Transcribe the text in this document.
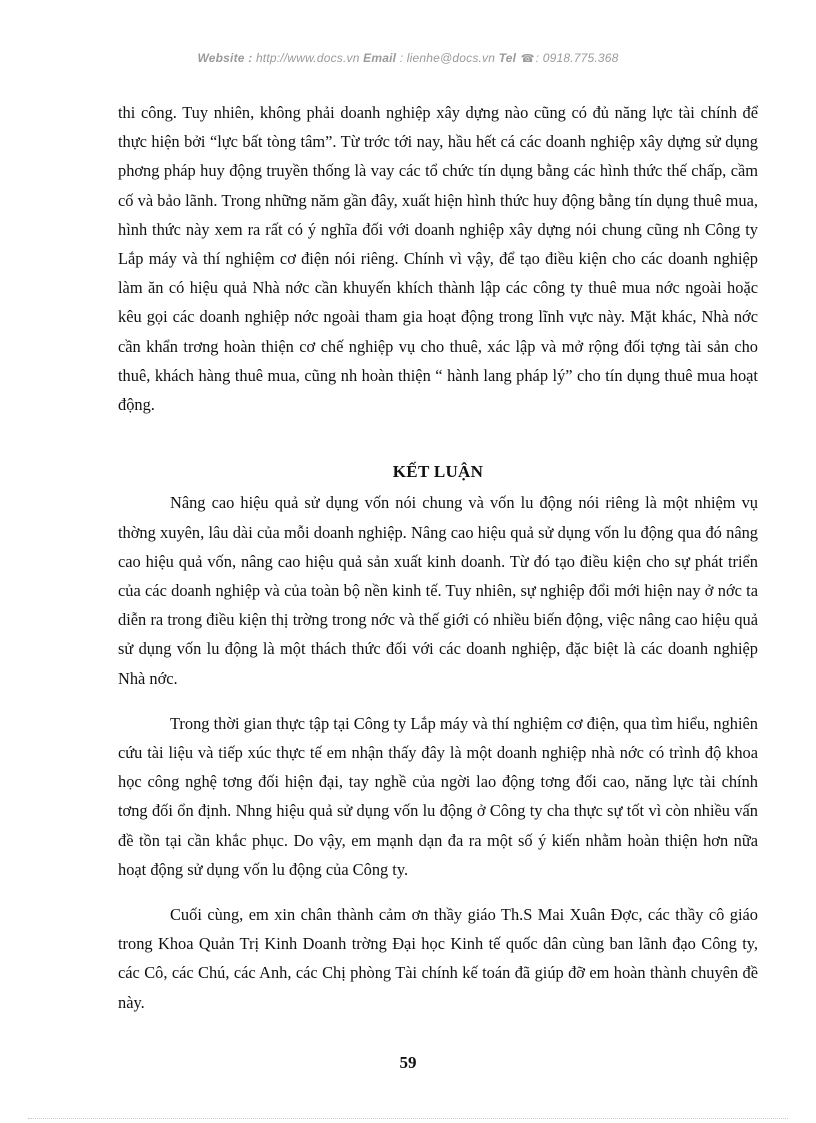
Website : http://www.docs.vn Email : lienhe@docs.vn Tel ☎: 0918.775.368

thi công. Tuy nhiên, không phải doanh nghiệp xây dựng nào cũng có đủ năng lực tài chính để thực hiện bởi “lực bất tòng tâm”. Từ trớc tới nay, hầu hết cá các doanh nghiệp xây dựng sử dụng phơng pháp huy động truyền thống là vay các tổ chức tín dụng bằng các hình thức thế chấp, cầm cố và bảo lãnh. Trong những năm gần đây, xuất hiện hình thức huy động bằng tín dụng thuê mua, hình thức này xem ra rất có ý nghĩa đối với doanh nghiệp xây dựng nói chung cũng nh Công ty Lắp máy và thí nghiệm cơ điện nói riêng. Chính vì vậy, để tạo điều kiện cho các doanh nghiệp làm ăn có hiệu quả Nhà nớc cần khuyến khích thành lập các công ty thuê mua nớc ngoài hoặc kêu gọi các doanh nghiệp nớc ngoài tham gia hoạt động trong lĩnh vực này. Mặt khác, Nhà nớc cần khẩn trơng hoàn thiện cơ chế nghiệp vụ cho thuê, xác lập và mở rộng đối tợng tài sản cho thuê, khách hàng thuê mua, cũng nh hoàn thiện “ hành lang pháp lý” cho tín dụng thuê mua hoạt động.

KẾT LUẬN

Nâng cao hiệu quả sử dụng vốn nói chung và vốn lu động nói riêng là một nhiệm vụ thờng xuyên, lâu dài của mỗi doanh nghiệp. Nâng cao hiệu quả sử dụng vốn lu động qua đó nâng cao hiệu quả vốn, nâng cao hiệu quả sản xuất kinh doanh. Từ đó tạo điều kiện cho sự phát triển của các doanh nghiệp và của toàn bộ nền kinh tế. Tuy nhiên, sự nghiệp đổi mới hiện nay ở nớc ta diễn ra trong điều kiện thị trờng trong nớc và thế giới có nhiều biến động, việc nâng cao hiệu quả sử dụng vốn lu động là một thách thức đối với các doanh nghiệp, đặc biệt là các doanh nghiệp Nhà nớc.

Trong thời gian thực tập tại Công ty Lắp máy và thí nghiệm cơ điện, qua tìm hiểu, nghiên cứu tài liệu và tiếp xúc thực tế em nhận thấy đây là một doanh nghiệp nhà nớc có trình độ khoa học công nghệ tơng đối hiện đại, tay nghề của ngời lao động tơng đối cao, năng lực tài chính tơng đối ổn định. Nhng hiệu quả sử dụng vốn lu động ở Công ty cha thực sự tốt vì còn nhiều vấn đề tồn tại cần khắc phục. Do vậy, em mạnh dạn đa ra một số ý kiến nhằm hoàn thiện hơn nữa hoạt động sử dụng vốn lu động của Công ty.

Cuối cùng, em xin chân thành cảm ơn thầy giáo Th.S Mai Xuân Đợc, các thầy cô giáo trong Khoa Quản Trị Kinh Doanh trờng Đại học Kinh tế quốc dân cùng ban lãnh đạo Công ty, các Cô, các Chú, các Anh, các Chị phòng Tài chính kế toán đã giúp đỡ em hoàn thành chuyên đề này.

59
